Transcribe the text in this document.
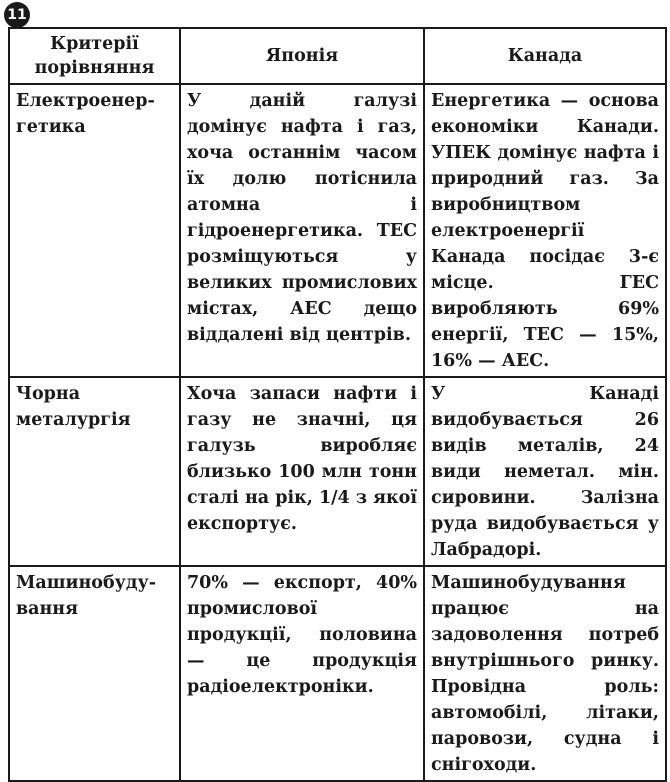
11
Критерії порівняння	Японія	Канада
Електроенер-гетика	У даній галузі домінує нафта і газ, хоча останнім часом їх долю потіснила атомна і гідроенергетика. ТЕС розміщуються у великих промислових містах, АЕС дещо віддалені від центрів.	Енергетика — основа економіки Канади. УПЕК домінує нафта і природний газ. За виробництвом електроенергії Канада посідає 3-є місце. ГЕС виробляють 69% енергії, ТЕС — 15%, 16% — АЕС.
Чорна металургія	Хоча запаси нафти і газу не значні, ця галузь виробляє близько 100 млн тонн сталі на рік, 1/4 з якої експортує.	У Канаді видобувається 26 видів металів, 24 види неметал. мін. сировини. Залізна руда видобувається у Лабрадорі.
Машинобуду-вання	70% — експорт, 40% промислової продукції, половина — це продукція радіоелектроніки.	Машинобудування працює на задоволення потреб внутрішнього ринку. Провідна роль: автомобілі, літаки, паровози, судна і снігоходи.
